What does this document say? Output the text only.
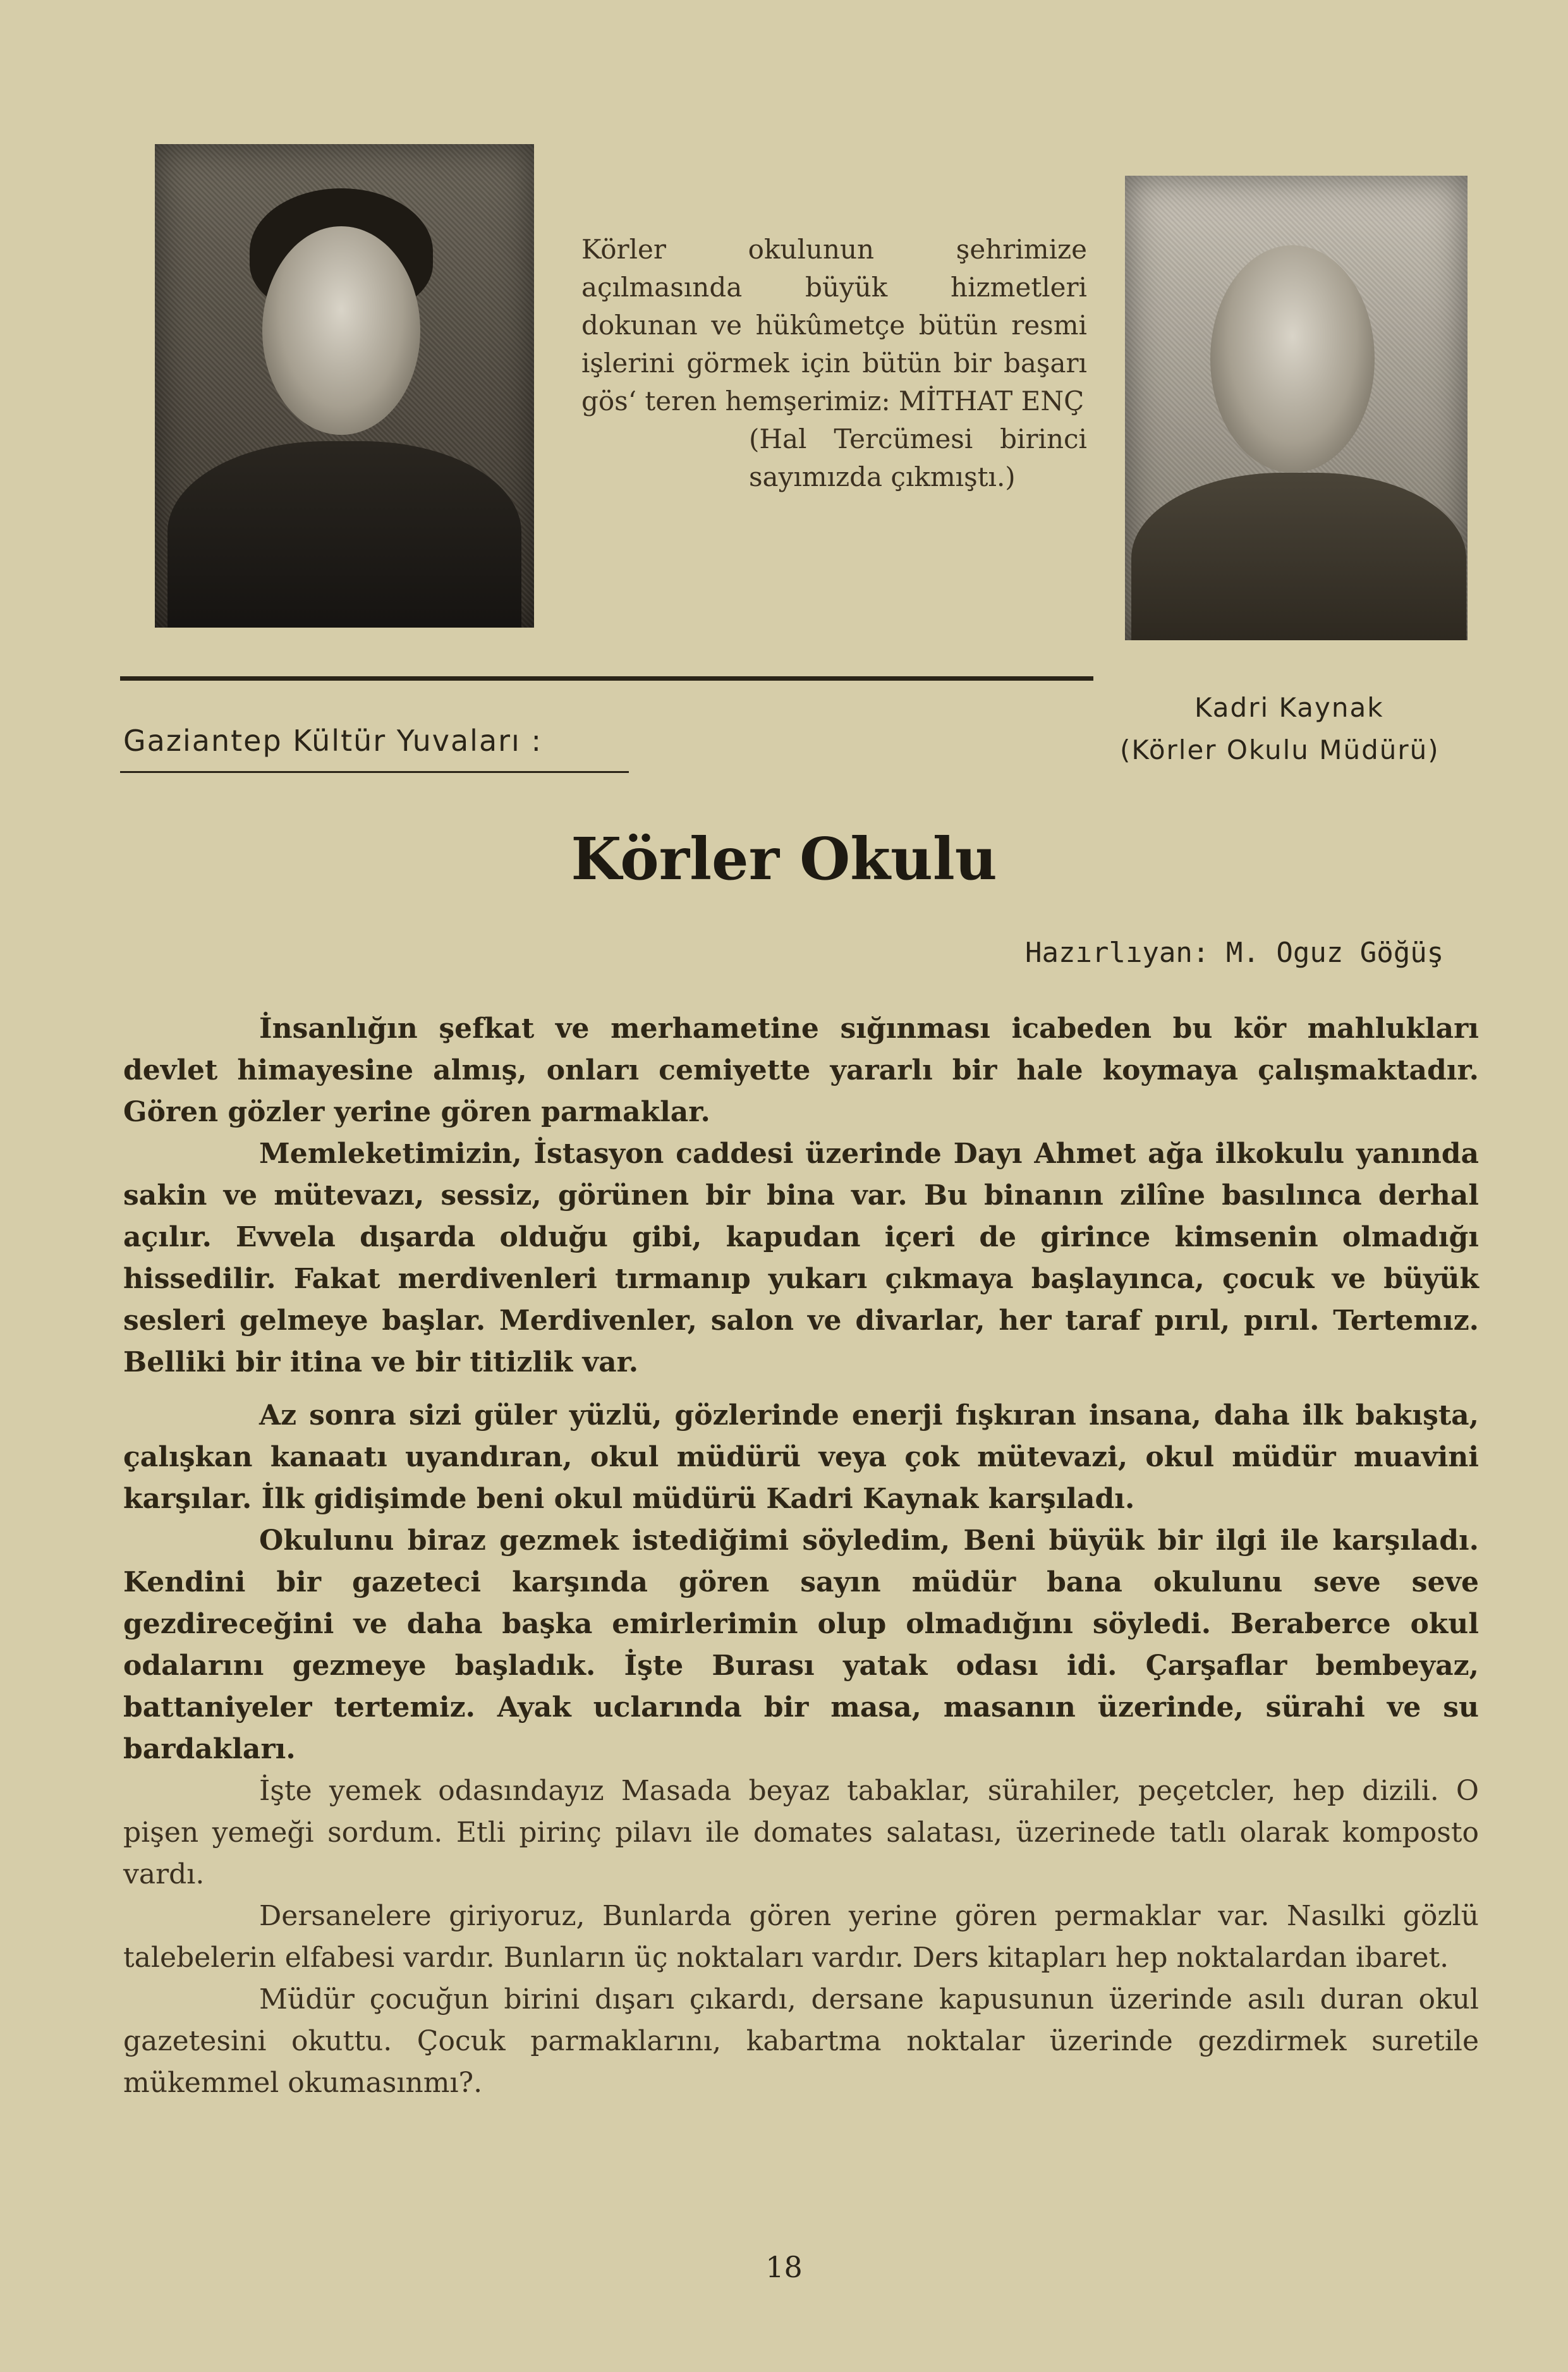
Körler okulunun şehrimize açılmasında büyük hizmetleri dokunan ve hükûmetçe bütün resmi işlerini görmek için bütün bir başarı gös‘ teren hemşerimiz: MİTHAT ENÇ

(Hal Tercümesi birinci sayımızda çıkmıştı.)

Gaziantep Kültür Yuvaları :
Kadri Kaynak
(Körler Okulu Müdürü)
Körler Okulu
Hazırlıyan: M. Oguz Göğüş

İnsanlığın şefkat ve merhametine sığınması icabeden bu kör mahlukları devlet himayesine almış, onları cemiyette yararlı bir hale koymaya çalışmaktadır. Gören gözler yerine gören parmaklar.

Memleketimizin, İstasyon caddesi üzerinde Dayı Ahmet ağa ilkokulu yanında sakin ve mütevazı, sessiz, görünen bir bina var. Bu binanın zilîne basılınca derhal açılır. Evvela dışarda olduğu gibi, kapudan içeri de girince kimsenin olmadığı hissedilir. Fakat merdivenleri tırmanıp yukarı çıkmaya başlayınca, çocuk ve büyük sesleri gelmeye başlar. Merdivenler, salon ve divarlar, her taraf pırıl, pırıl. Tertemız. Belliki bir itina ve bir titizlik var.

Az sonra sizi güler yüzlü, gözlerinde enerji fışkıran insana, daha ilk bakışta, çalışkan kanaatı uyandıran, okul müdürü veya çok mütevazi, okul müdür muavini karşılar. İlk gidişimde beni okul müdürü Kadri Kaynak karşıladı.

Okulunu biraz gezmek istediğimi söyledim, Beni büyük bir ilgi ile karşıladı. Kendini bir gazeteci karşında gören sayın müdür bana okulunu seve seve gezdireceğini ve daha başka emirlerimin olup olmadığını söyledi. Beraberce okul odalarını gezmeye başladık. İşte Burası yatak odası idi. Çarşaflar bembeyaz, battaniyeler tertemiz. Ayak uclarında bir masa, masanın üzerinde, sürahi ve su bardakları.

İşte yemek odasındayız Masada beyaz tabaklar, sürahiler, peçetcler, hep dizili. O pişen yemeği sordum. Etli pirinç pilavı ile domates salatası, üzerinede tatlı olarak komposto vardı.

Dersanelere giriyoruz, Bunlarda gören yerine gören permaklar var. Nasılki gözlü talebelerin elfabesi vardır. Bunların üç noktaları vardır. Ders kitapları hep noktalardan ibaret.

Müdür çocuğun birini dışarı çıkardı, dersane kapusunun üzerinde asılı duran okul gazetesini okuttu. Çocuk parmaklarını, kabartma noktalar üzerinde gezdirmek suretile mükemmel okumasınmı?.

18
